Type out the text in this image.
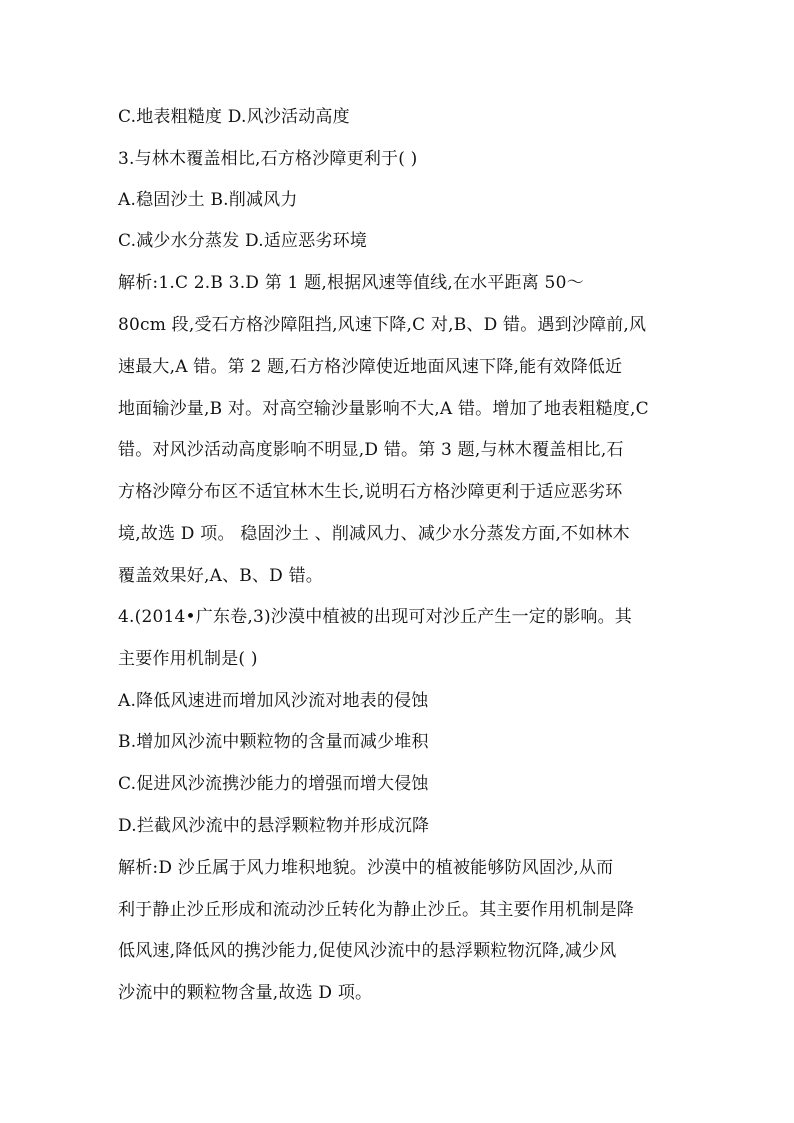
C.地表粗糙度 D.风沙活动高度
3.与林木覆盖相比,石方格沙障更利于( )
A.稳固沙土 B.削减风力
C.减少水分蒸发 D.适应恶劣环境
解析:1.C 2.B 3.D 第 1 题,根据风速等值线,在水平距离 50～
80cm 段,受石方格沙障阻挡,风速下降,C 对,B、D 错。遇到沙障前,风
速最大,A 错。第 2 题,石方格沙障使近地面风速下降,能有效降低近
地面输沙量,B 对。对高空输沙量影响不大,A 错。增加了地表粗糙度,C
错。对风沙活动高度影响不明显,D 错。第 3 题,与林木覆盖相比,石
方格沙障分布区不适宜林木生长,说明石方格沙障更利于适应恶劣环
境,故选 D 项。 稳固沙土 、削减风力、减少水分蒸发方面,不如林木
覆盖效果好,A、B、D 错。
4.(2014•广东卷,3)沙漠中植被的出现可对沙丘产生一定的影响。其
主要作用机制是( )
A.降低风速进而增加风沙流对地表的侵蚀
B.增加风沙流中颗粒物的含量而减少堆积
C.促进风沙流携沙能力的增强而增大侵蚀
D.拦截风沙流中的悬浮颗粒物并形成沉降
解析:D 沙丘属于风力堆积地貌。沙漠中的植被能够防风固沙,从而
利于静止沙丘形成和流动沙丘转化为静止沙丘。其主要作用机制是降
低风速,降低风的携沙能力,促使风沙流中的悬浮颗粒物沉降,减少风
沙流中的颗粒物含量,故选 D 项。
